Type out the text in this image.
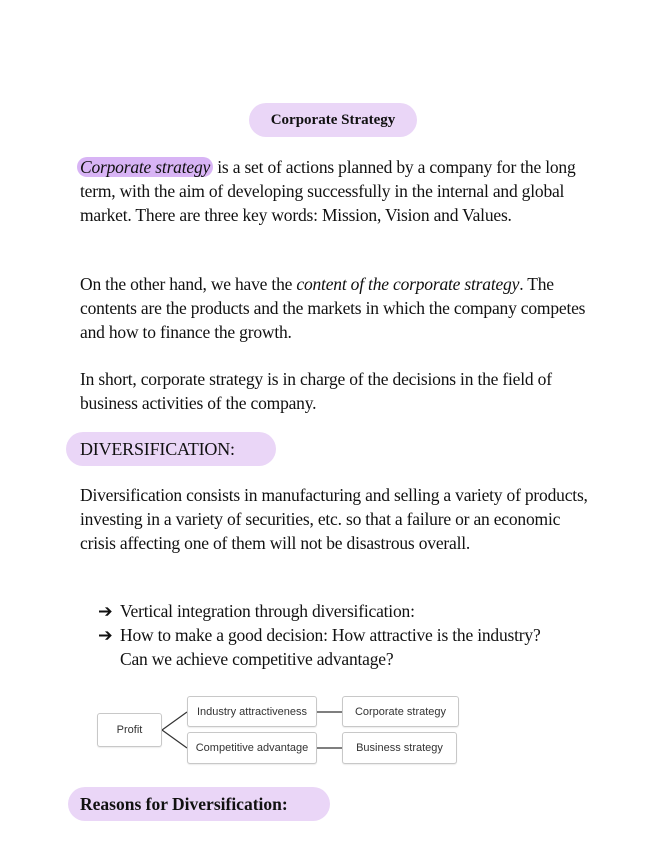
Corporate Strategy

Corporate strategy is a set of actions planned by a company for the long term, with the aim of developing successfully in the internal and global market. There are three key words: Mission, Vision and Values.

On the other hand, we have the content of the corporate strategy. The contents are the products and the markets in which the company competes and how to finance the growth.

In short, corporate strategy is in charge of the decisions in the field of business activities of the company.

DIVERSIFICATION:

Diversification consists in manufacturing and selling a variety of products, investing in a variety of securities, etc. so that a failure or an economic crisis affecting one of them will not be disastrous overall.

➔ Vertical integration through diversification:
➔ How to make a good decision: How attractive is the industry? Can we achieve competitive advantage?
Profit
Industry attractiveness
Competitive advantage
Corporate strategy
Business strategy
Reasons for Diversification:
